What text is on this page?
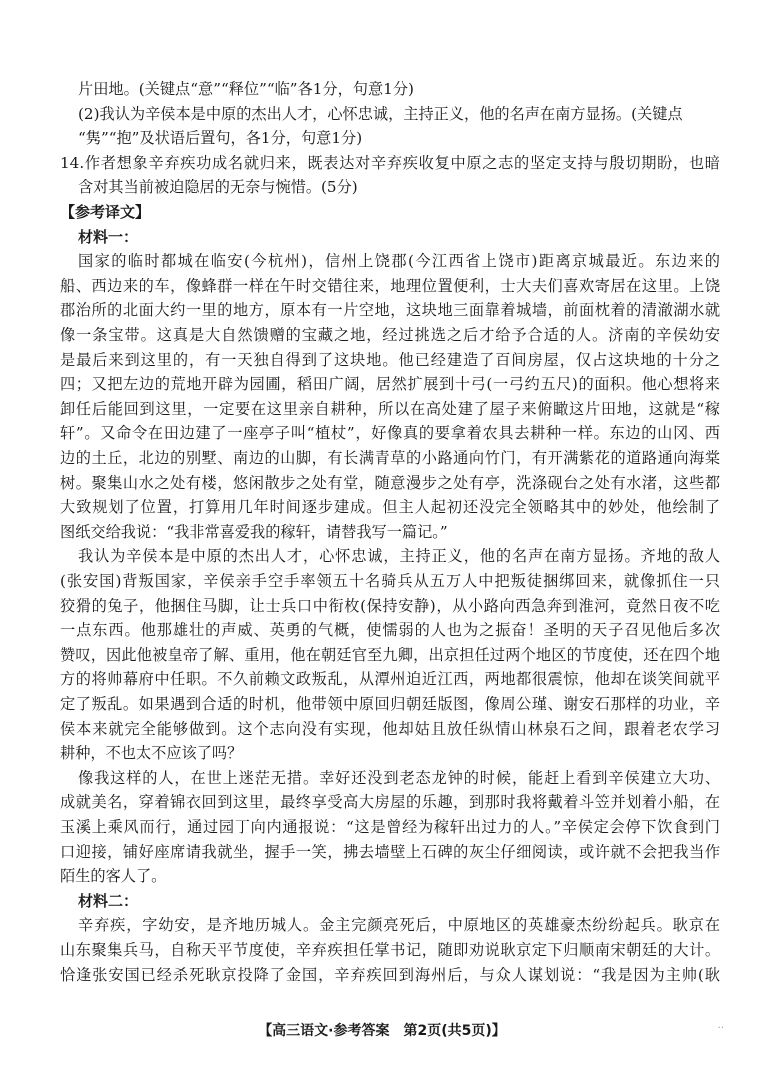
片田地。(关键点“意”“释位”“临”各1分，句意1分)
(2)我认为辛侯本是中原的杰出人才，心怀忠诚，主持正义，他的名声在南方显扬。(关键点
“隽”“抱”及状语后置句，各1分，句意1分)
14.作者想象辛弃疾功成名就归来，既表达对辛弃疾收复中原之志的坚定支持与殷切期盼，也暗
含对其当前被迫隐居的无奈与惋惜。(5分)
【参考译文】
材料一：
国家的临时都城在临安(今杭州)，信州上饶郡(今江西省上饶市)距离京城最近。东边来的
船、西边来的车，像蜂群一样在午时交错往来，地理位置便利，士大夫们喜欢寄居在这里。上饶
郡治所的北面大约一里的地方，原本有一片空地，这块地三面靠着城墙，前面枕着的清澈湖水就
像一条宝带。这真是大自然馈赠的宝藏之地，经过挑选之后才给予合适的人。济南的辛侯幼安
是最后来到这里的，有一天独自得到了这块地。他已经建造了百间房屋，仅占这块地的十分之
四；又把左边的荒地开辟为园圃，稻田广阔，居然扩展到十弓(一弓约五尺)的面积。他心想将来
卸任后能回到这里，一定要在这里亲自耕种，所以在高处建了屋子来俯瞰这片田地，这就是“稼
轩”。又命令在田边建了一座亭子叫“植杖”，好像真的要拿着农具去耕种一样。东边的山冈、西
边的土丘，北边的别墅、南边的山脚，有长满青草的小路通向竹门，有开满紫花的道路通向海棠
树。聚集山水之处有楼，悠闲散步之处有堂，随意漫步之处有亭，洗涤砚台之处有水渚，这些都
大致规划了位置，打算用几年时间逐步建成。但主人起初还没完全领略其中的妙处，他绘制了
图纸交给我说：“我非常喜爱我的稼轩，请替我写一篇记。”
我认为辛侯本是中原的杰出人才，心怀忠诚，主持正义，他的名声在南方显扬。齐地的敌人
(张安国)背叛国家，辛侯亲手空手率领五十名骑兵从五万人中把叛徒捆绑回来，就像抓住一只
狡猾的兔子，他捆住马脚，让士兵口中衔枚(保持安静)，从小路向西急奔到淮河，竟然日夜不吃
一点东西。他那雄壮的声威、英勇的气概，使懦弱的人也为之振奋！圣明的天子召见他后多次
赞叹，因此他被皇帝了解、重用，他在朝廷官至九卿，出京担任过两个地区的节度使，还在四个地
方的将帅幕府中任职。不久前赖文政叛乱，从潭州迫近江西，两地都很震惊，他却在谈笑间就平
定了叛乱。如果遇到合适的时机，他带领中原回归朝廷版图，像周公瑾、谢安石那样的功业，辛
侯本来就完全能够做到。这个志向没有实现，他却姑且放任纵情山林泉石之间，跟着老农学习
耕种，不也太不应该了吗？
像我这样的人，在世上迷茫无措。幸好还没到老态龙钟的时候，能赶上看到辛侯建立大功、
成就美名，穿着锦衣回到这里，最终享受高大房屋的乐趣，到那时我将戴着斗笠并划着小船，在
玉溪上乘风而行，通过园丁向内通报说：“这是曾经为稼轩出过力的人。”辛侯定会停下饮食到门
口迎接，铺好座席请我就坐，握手一笑，拂去墙壁上石碑的灰尘仔细阅读，或许就不会把我当作
陌生的客人了。
材料二：
辛弃疾，字幼安，是齐地历城人。金主完颜亮死后，中原地区的英雄豪杰纷纷起兵。耿京在
山东聚集兵马，自称天平节度使，辛弃疾担任掌书记，随即劝说耿京定下归顺南宋朝廷的大计。
恰逢张安国已经杀死耿京投降了金国，辛弃疾回到海州后，与众人谋划说：“我是因为主帅(耿
【高三语文·参考答案　第2页(共5页)】	..
